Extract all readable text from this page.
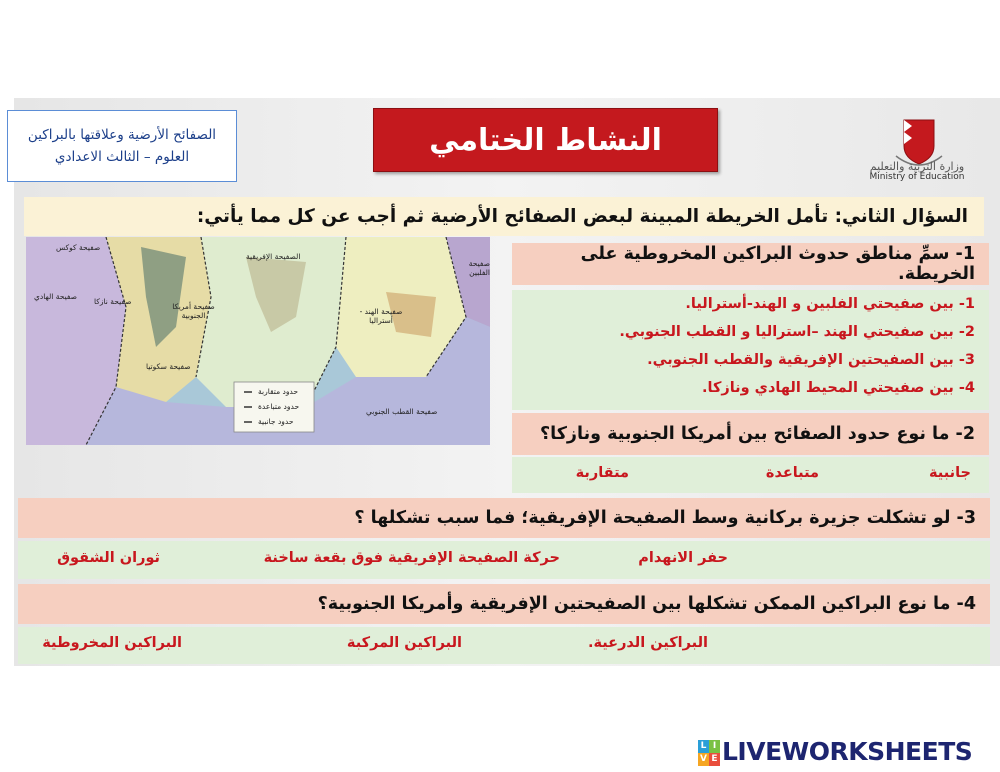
الصفائح الأرضية وعلاقتها بالبراكين
العلوم – الثالث الاعدادي	النشاط الختامي
وزارة التربية والتعليم
Ministry of Education
السؤال الثاني: تأمل الخريطة المبينة لبعض الصفائح الأرضية ثم أجب عن كل مما يأتي:
صفيحة كوكس
صفيحة الهادي
صفيحة نازكا
صفيحة أمريكا الجنوبية
صفيحة سكوتيا
الصفيحة الإفريقية
صفيحة الهند - أستراليا
صفيحة الفلبين
صفيحة القطب الجنوبي
حدود متقاربة
حدود متباعدة
حدود جانبية
1- سمِّ مناطق حدوث البراكين المخروطية على الخريطة.
1- بين صفيحتي الفلبين و الهند-أستراليا.
2- بين صفيحتي الهند –استراليا و القطب الجنوبي.
3- بين الصفيحتين الإفريقية والقطب الجنوبي.
4- بين صفيحتي المحيط الهادي ونازكا.
2- ما نوع حدود الصفائح بين أمريكا الجنوبية ونازكا؟
جانبية
متباعدة
متقاربة
3- لو تشكلت جزيرة بركانية وسط الصفيحة الإفريقية؛ فما سبب تشكلها ؟
حفر الانهدام
حركة الصفيحة الإفريقية فوق بقعة ساخنة
ثوران الشقوق
4- ما نوع البراكين الممكن تشكلها بين الصفيحتين الإفريقية وأمريكا الجنوبية؟
البراكين الدرعية.
البراكين المركبة
البراكين المخروطية
L I
V E LIVEWORKSHEETS
